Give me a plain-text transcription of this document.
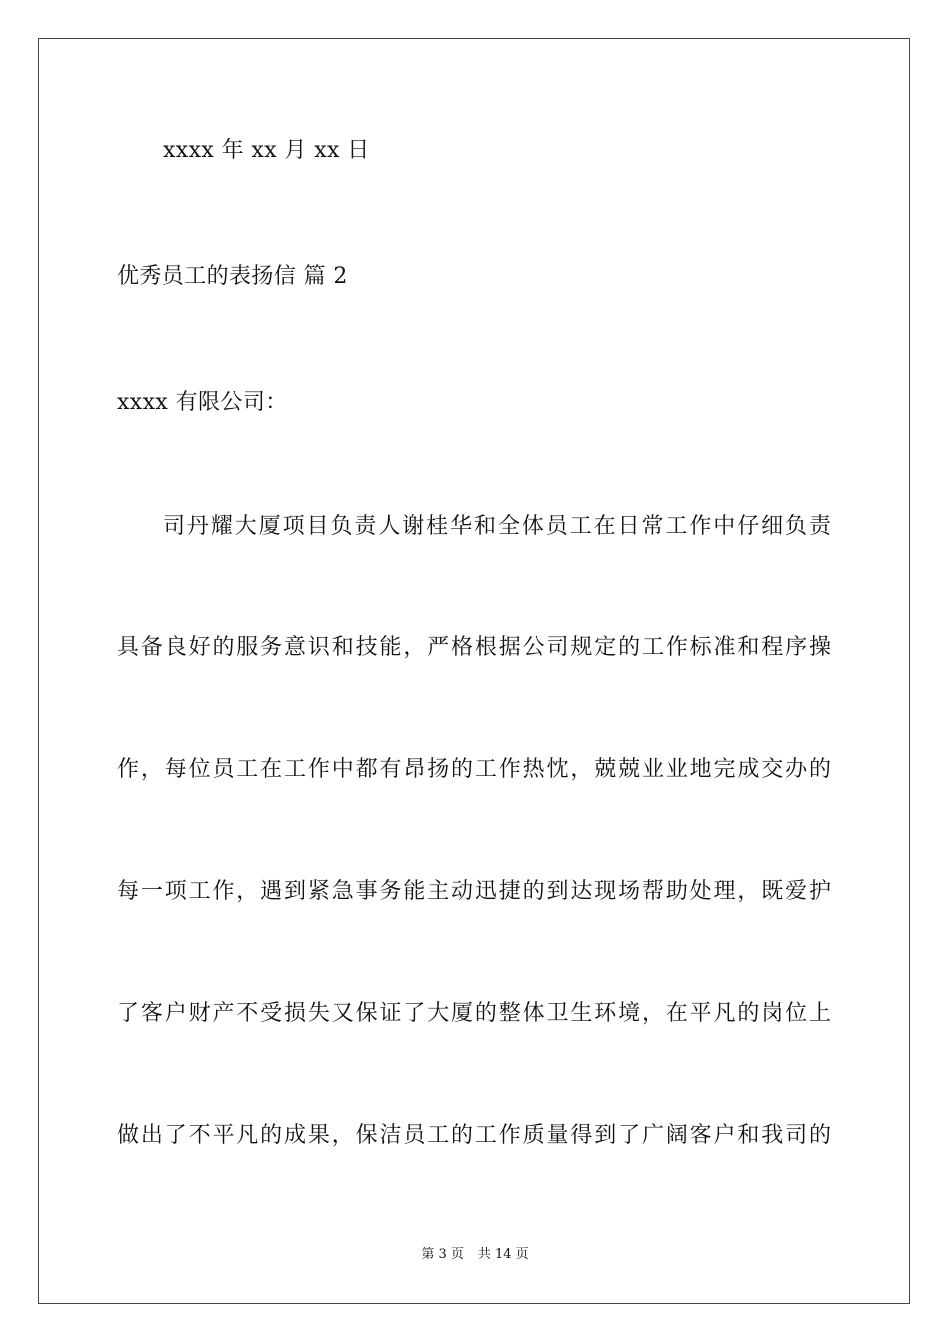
xxxx 年 xx 月 xx 日
优秀员工的表扬信 篇 2
xxxx 有限公司：
司丹耀大厦项目负责人谢桂华和全体员工在日常工作中仔细负责
具备良好的服务意识和技能，严格根据公司规定的工作标准和程序操
作，每位员工在工作中都有昂扬的工作热忱，兢兢业业地完成交办的
每一项工作，遇到紧急事务能主动迅捷的到达现场帮助处理，既爱护
了客户财产不受损失又保证了大厦的整体卫生环境，在平凡的岗位上
做出了不平凡的成果，保洁员工的工作质量得到了广阔客户和我司的
第 3 页 共 14 页
